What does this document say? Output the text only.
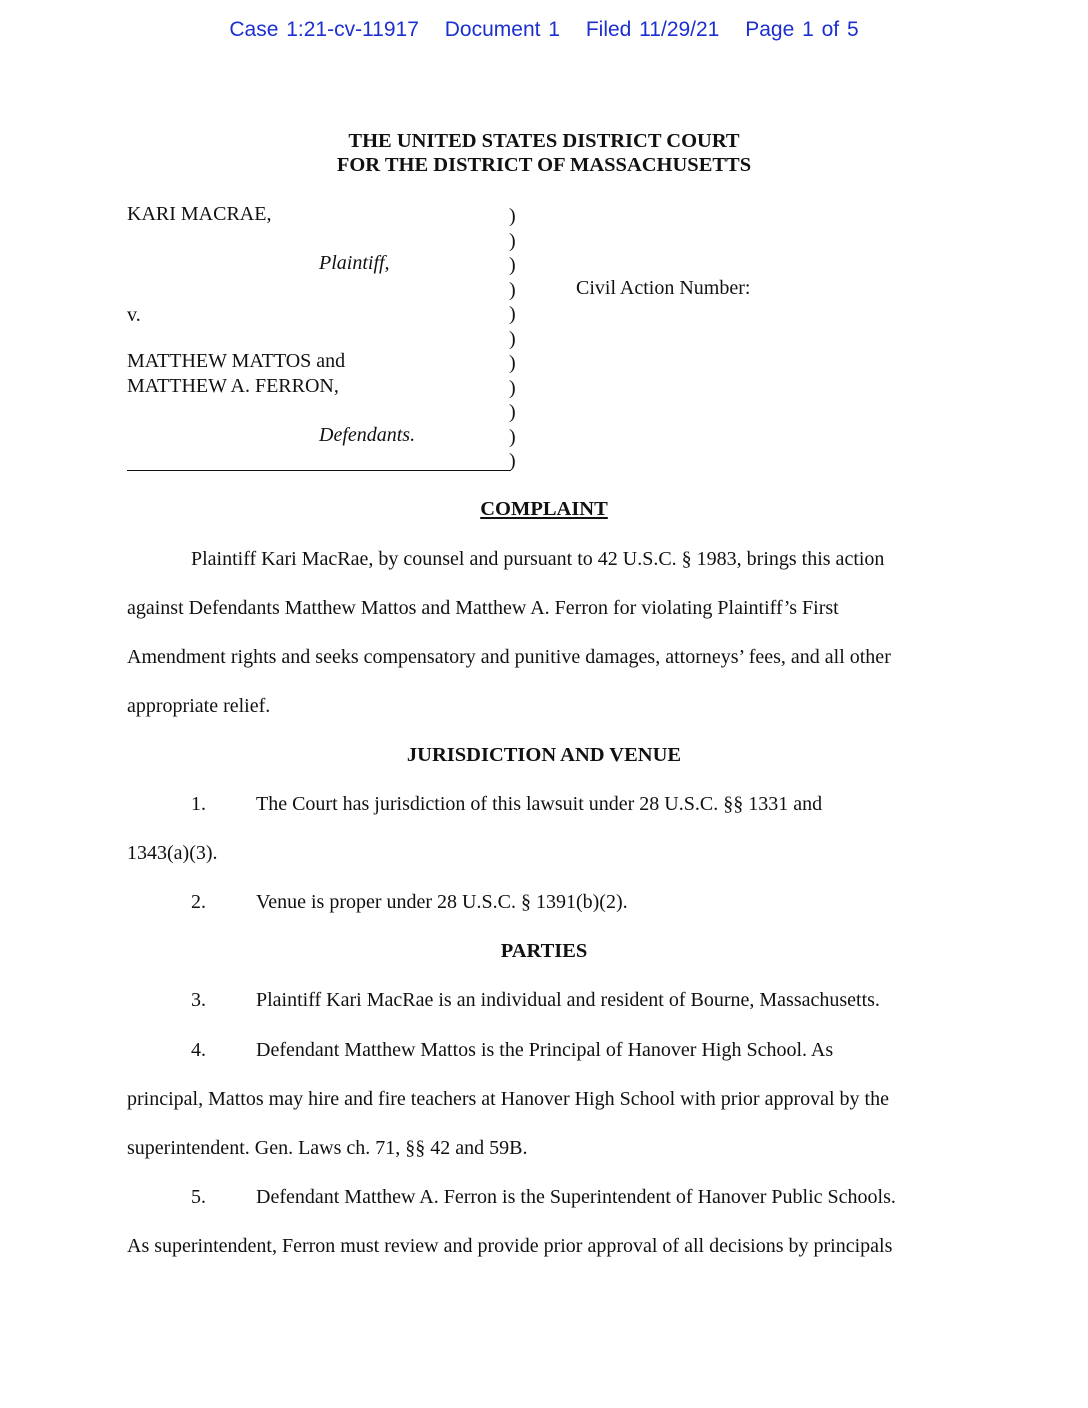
Case 1:21-cv-11917 Document 1 Filed 11/29/21 Page 1 of 5
THE UNITED STATES DISTRICT COURT
FOR THE DISTRICT OF MASSACHUSETTS
KARI MACRAE,
Plaintiff,
v.
MATTHEW MATTOS and
MATTHEW A. FERRON,
Defendants.
)
)
)
)
)
)
)
)
)
)
)
Civil Action Number:
COMPLAINT
Plaintiff Kari MacRae, by counsel and pursuant to 42 U.S.C. § 1983, brings this action
against Defendants Matthew Mattos and Matthew A. Ferron for violating Plaintiff’s First
Amendment rights and seeks compensatory and punitive damages, attorneys’ fees, and all other
appropriate relief.
JURISDICTION AND VENUE
1.	The Court has jurisdiction of this lawsuit under 28 U.S.C. §§ 1331 and
1343(a)(3).
2.	Venue is proper under 28 U.S.C. § 1391(b)(2).
PARTIES
3.	Plaintiff Kari MacRae is an individual and resident of Bourne, Massachusetts.
4.	Defendant Matthew Mattos is the Principal of Hanover High School. As
principal, Mattos may hire and fire teachers at Hanover High School with prior approval by the
superintendent. Gen. Laws ch. 71, §§ 42 and 59B.
5.	Defendant Matthew A. Ferron is the Superintendent of Hanover Public Schools.
As superintendent, Ferron must review and provide prior approval of all decisions by principals
